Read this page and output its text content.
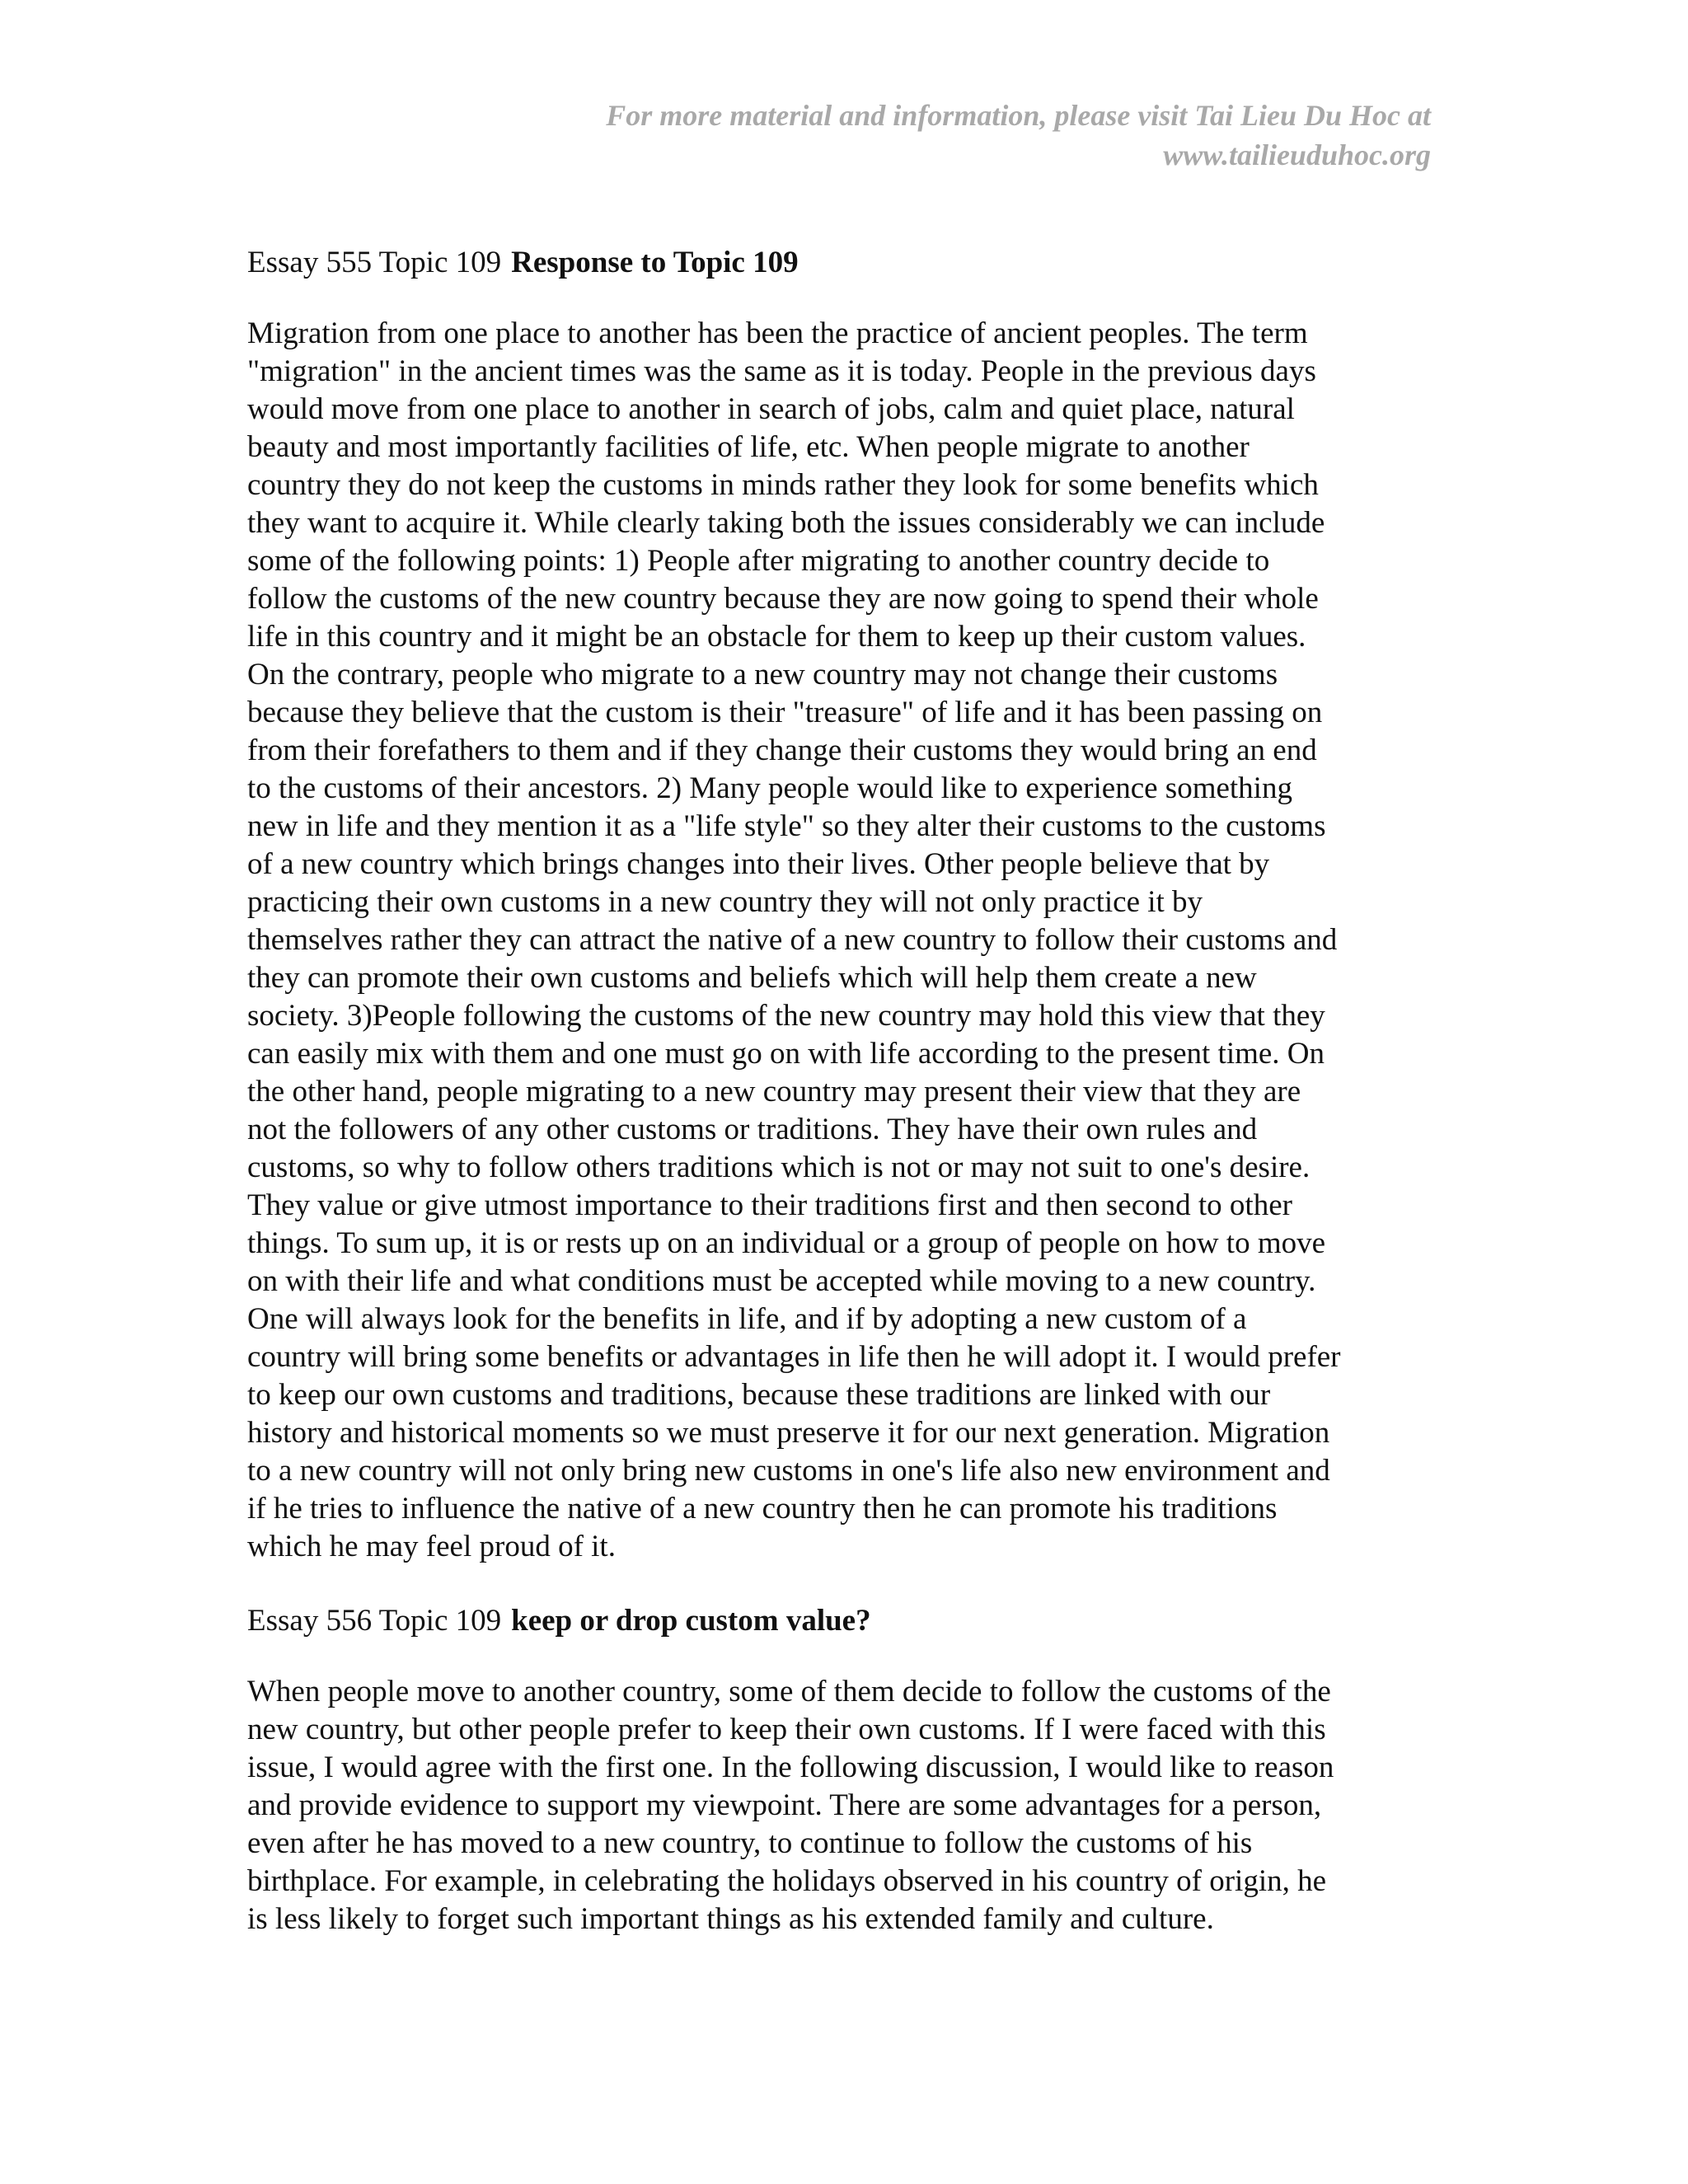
For more material and information, please visit Tai Lieu Du Hoc at
www.tailieuduhoc.org
Essay 555 Topic 109 Response to Topic 109
Migration from one place to another has been the practice of ancient peoples. The term
"migration" in the ancient times was the same as it is today. People in the previous days
would move from one place to another in search of jobs, calm and quiet place, natural
beauty and most importantly facilities of life, etc. When people migrate to another
country they do not keep the customs in minds rather they look for some benefits which
they want to acquire it. While clearly taking both the issues considerably we can include
some of the following points: 1) People after migrating to another country decide to
follow the customs of the new country because they are now going to spend their whole
life in this country and it might be an obstacle for them to keep up their custom values.
On the contrary, people who migrate to a new country may not change their customs
because they believe that the custom is their "treasure" of life and it has been passing on
from their forefathers to them and if they change their customs they would bring an end
to the customs of their ancestors. 2) Many people would like to experience something
new in life and they mention it as a "life style" so they alter their customs to the customs
of a new country which brings changes into their lives. Other people believe that by
practicing their own customs in a new country they will not only practice it by
themselves rather they can attract the native of a new country to follow their customs and
they can promote their own customs and beliefs which will help them create a new
society. 3)People following the customs of the new country may hold this view that they
can easily mix with them and one must go on with life according to the present time. On
the other hand, people migrating to a new country may present their view that they are
not the followers of any other customs or traditions. They have their own rules and
customs, so why to follow others traditions which is not or may not suit to one's desire.
They value or give utmost importance to their traditions first and then second to other
things. To sum up, it is or rests up on an individual or a group of people on how to move
on with their life and what conditions must be accepted while moving to a new country.
One will always look for the benefits in life, and if by adopting a new custom of a
country will bring some benefits or advantages in life then he will adopt it. I would prefer
to keep our own customs and traditions, because these traditions are linked with our
history and historical moments so we must preserve it for our next generation. Migration
to a new country will not only bring new customs in one's life also new environment and
if he tries to influence the native of a new country then he can promote his traditions
which he may feel proud of it.
Essay 556 Topic 109 keep or drop custom value?
When people move to another country, some of them decide to follow the customs of the
new country, but other people prefer to keep their own customs. If I were faced with this
issue, I would agree with the first one. In the following discussion, I would like to reason
and provide evidence to support my viewpoint. There are some advantages for a person,
even after he has moved to a new country, to continue to follow the customs of his
birthplace. For example, in celebrating the holidays observed in his country of origin, he
is less likely to forget such important things as his extended family and culture.
